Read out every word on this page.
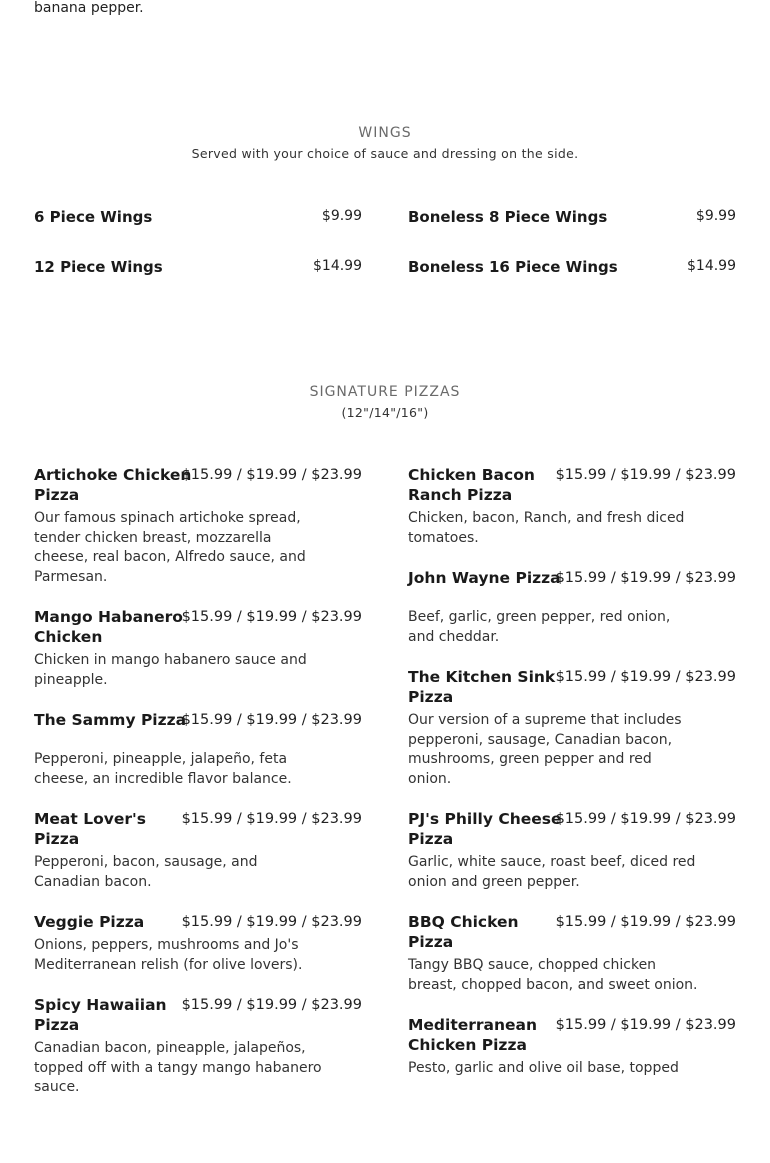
banana pepper.
WINGS
Served with your choice of sauce and dressing on the side.
6 Piece Wings	$9.99
12 Piece Wings	$14.99
Boneless 8 Piece Wings	$9.99
Boneless 16 Piece Wings	$14.99
SIGNATURE PIZZAS
(12"/14"/16")
Artichoke Chicken Pizza
$15.99 / $19.99 / $23.99
Our famous spinach artichoke spread, tender chicken breast, mozzarella cheese, real bacon, Alfredo sauce, and Parmesan.
Mango Habanero Chicken
$15.99 / $19.99 / $23.99
Chicken in mango habanero sauce and pineapple.
The Sammy Pizza
$15.99 / $19.99 / $23.99
Pepperoni, pineapple, jalapeño, feta cheese, an incredible flavor balance.
Meat Lover's Pizza
$15.99 / $19.99 / $23.99
Pepperoni, bacon, sausage, and Canadian bacon.
Veggie Pizza	$15.99 / $19.99 / $23.99
Onions, peppers, mushrooms and Jo's Mediterranean relish (for olive lovers).
Spicy Hawaiian Pizza
$15.99 / $19.99 / $23.99
Canadian bacon, pineapple, jalapeños, topped off with a tangy mango habanero sauce.
Chicken Bacon Ranch Pizza
$15.99 / $19.99 / $23.99
Chicken, bacon, Ranch, and fresh diced tomatoes.
John Wayne Pizza
$15.99 / $19.99 / $23.99
Beef, garlic, green pepper, red onion, and cheddar.
The Kitchen Sink Pizza
$15.99 / $19.99 / $23.99
Our version of a supreme that includes pepperoni, sausage, Canadian bacon, mushrooms, green pepper and red onion.
PJ's Philly Cheese Pizza
$15.99 / $19.99 / $23.99
Garlic, white sauce, roast beef, diced red onion and green pepper.
BBQ Chicken Pizza
$15.99 / $19.99 / $23.99
Tangy BBQ sauce, chopped chicken breast, chopped bacon, and sweet onion.
Mediterranean Chicken Pizza
$15.99 / $19.99 / $23.99
Pesto, garlic and olive oil base, topped
